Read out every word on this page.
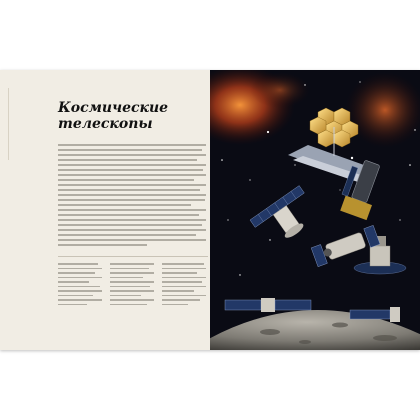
Космические телескопы
